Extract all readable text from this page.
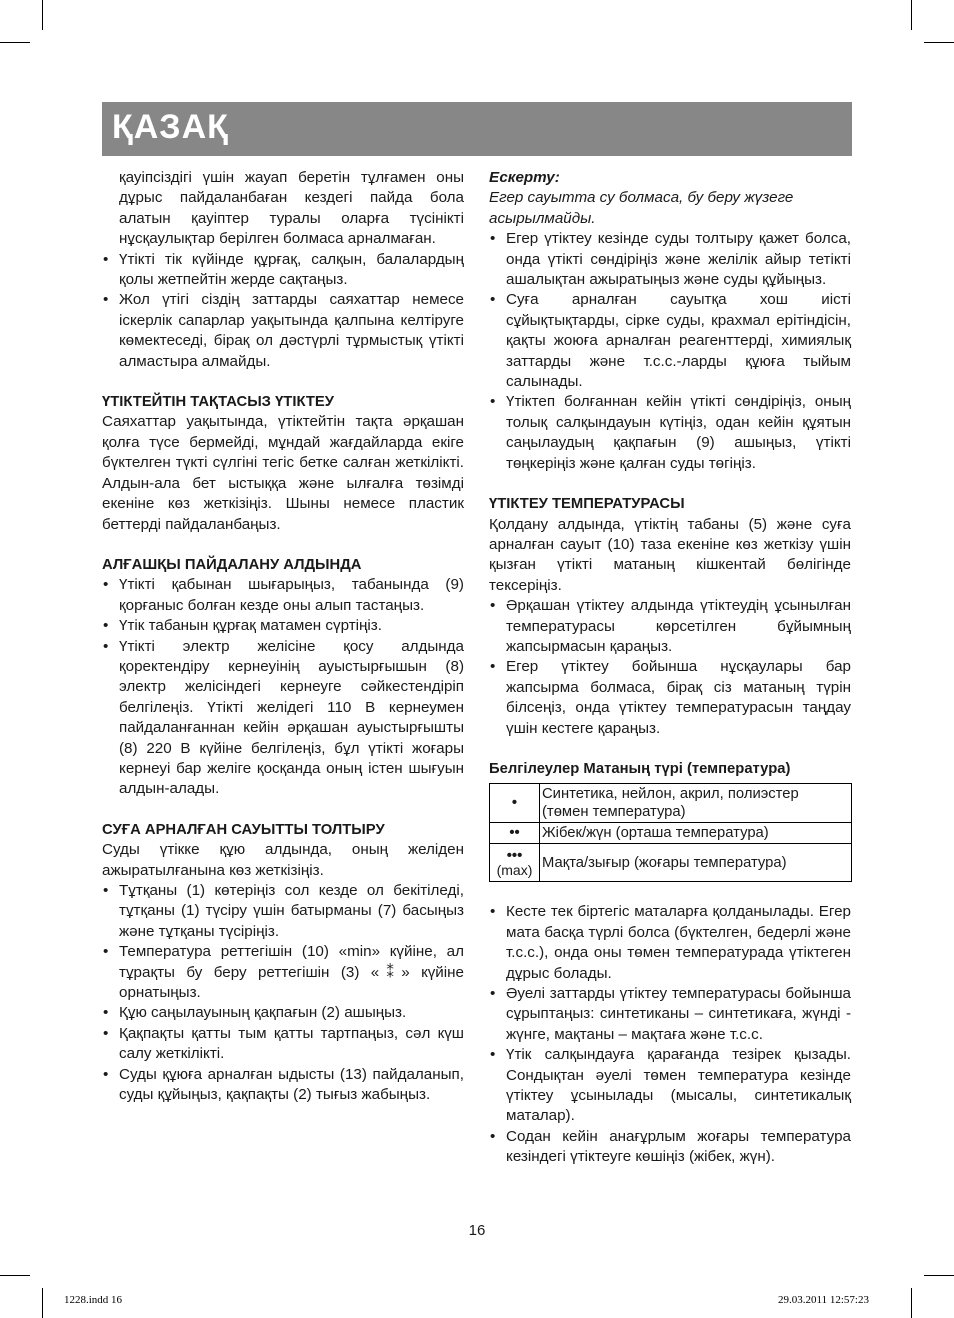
ҚАЗАҚ

қауіпсіздігі үшін жауап беретін тұлғамен оны дұрыс пайдаланбаған кездегі пайда бола алатын қауіптер туралы оларға түсінікті нұсқаулықтар берілген болмаса арналмаған.

• Үтікті тік күйінде құрғақ, салқын, балалардың қолы жетпейтін жерде сақтаңыз.
• Жол үтігі сіздің заттарды саяхаттар немесе іскерлік сапарлар уақытында қалпына келтіруге көмектеседі, бірақ ол дәстүрлі тұрмыстық үтікті алмастыра алмайды.

ҮТІКТЕЙТІН ТАҚТАСЫЗ ҮТІКТЕУ

Саяхаттар уақытында, үтіктейтін тақта әрқашан қолға түсе бермейді, мұндай жағдайларда екіге бүктелген түкті сүлгіні тегіс бетке салған жеткілікті. Алдын-ала бет ыстыққа және ылғалға төзімді екеніне көз жеткізіңіз. Шыны немесе пластик беттерді пайдаланбаңыз.

АЛҒАШҚЫ ПАЙДАЛАНУ АЛДЫНДА

• Үтікті қабынан шығарыңыз, табанында (9) қорғаныс болған кезде оны алып тастаңыз.
• Үтік табанын құрғақ матамен сүртіңіз.
• Үтікті электр желісіне қосу алдында қоректендіру кернеуінің ауыстырғышын (8) электр желісіндегі кернеуге сәйкестендіріп белгілеңіз. Үтікті желідегі 110 В кернеумен пайдаланғаннан кейін әрқашан ауыстырғышты (8) 220 В күйіне белгілеңіз, бұл үтікті жоғары кернеуі бар желіге қосқанда оның істен шығуын алдын-алады.

СУҒА АРНАЛҒАН САУЫТТЫ ТОЛТЫРУ

Суды үтікке құю алдында, оның желіден ажыратылғанына көз жеткізіңіз.

• Тұтқаны (1) көтеріңіз сол кезде ол бекітіледі, тұтқаны (1) түсіру үшін батырманы (7) басыңыз және тұтқаны түсіріңіз.
• Температура реттегішін (10) «min» күйіне, ал тұрақты бу беру реттегішін (3) «⁑» күйіне орнатыңыз.
• Құю саңылауының қақпағын (2) ашыңыз.
• Қақпақты қатты тым қатты тартпаңыз, сәл күш салу жеткілікті.
• Суды құюға арналған ыдысты (13) пайдаланып, суды құйыңыз, қақпақты (2) тығыз жабыңыз.

Ескерту:

Егер сауытта су болмаса, бу беру жүзеге асырылмайды.

• Егер үтіктеу кезінде суды толтыру қажет болса, онда үтікті сөндіріңіз және желілік айыр тетікті ашалықтан ажыратыңыз және суды құйыңыз.
• Суға арналған сауытқа хош иісті сұйықтықтарды, сірке суды, крахмал ерітіндісін, қақты жоюға арналған реагенттерді, химиялық заттарды және т.с.с.-ларды құюға тыйым салынады.
• Үтіктеп болғаннан кейін үтікті сөндіріңіз, оның толық салқындауын күтіңіз, одан кейін құятын саңылаудың қақпағын (9) ашыңыз, үтікті төңкеріңіз және қалған суды төгіңіз.

ҮТІКТЕУ ТЕМПЕРАТУРАСЫ

Қолдану алдында, үтіктің табаны (5) және суға арналған сауыт (10) таза екеніне көз жеткізу үшін қызған үтікті матаның кішкентай бөлігінде тексеріңіз.

• Әрқашан үтіктеу алдында үтіктеудің ұсынылған температурасы көрсетілген бұйымның жапсырмасын қараңыз.
• Егер үтіктеу бойынша нұсқаулары бар жапсырма болмаса, бірақ сіз матаның түрін білсеңіз, онда үтіктеу температурасын таңдау үшін кестеге қараңыз.

Белгілеулер Матаның түрі (температура)

•	Синтетика, нейлон, акрил, полиэстер (төмен температура)
••	Жібек/жүн (орташа температура)

•••
(max)	Мақта/зығыр (жоғары температура)
• Кесте тек біртегіс маталарға қолданылады. Егер мата басқа түрлі болса (бүктелген, бедерлі және т.с.с.), онда оны төмен температурада үтіктеген дұрыс болады.
• Әуелі заттарды үтіктеу температурасы бойынша сұрыптаңыз: синтетиканы – синтетикаға, жүнді - жүнге, мақтаны – мақтаға және т.с.с.
• Үтік салқындауға қарағанда тезірек қызады. Сондықтан әуелі төмен температура кезінде үтіктеу ұсынылады (мысалы, синтетикалық маталар).
• Содан кейін анағұрлым жоғары температура кезіндегі үтіктеуге көшіңіз (жібек, жүн).
16
1228.indd 16	29.03.2011 12:57:23
